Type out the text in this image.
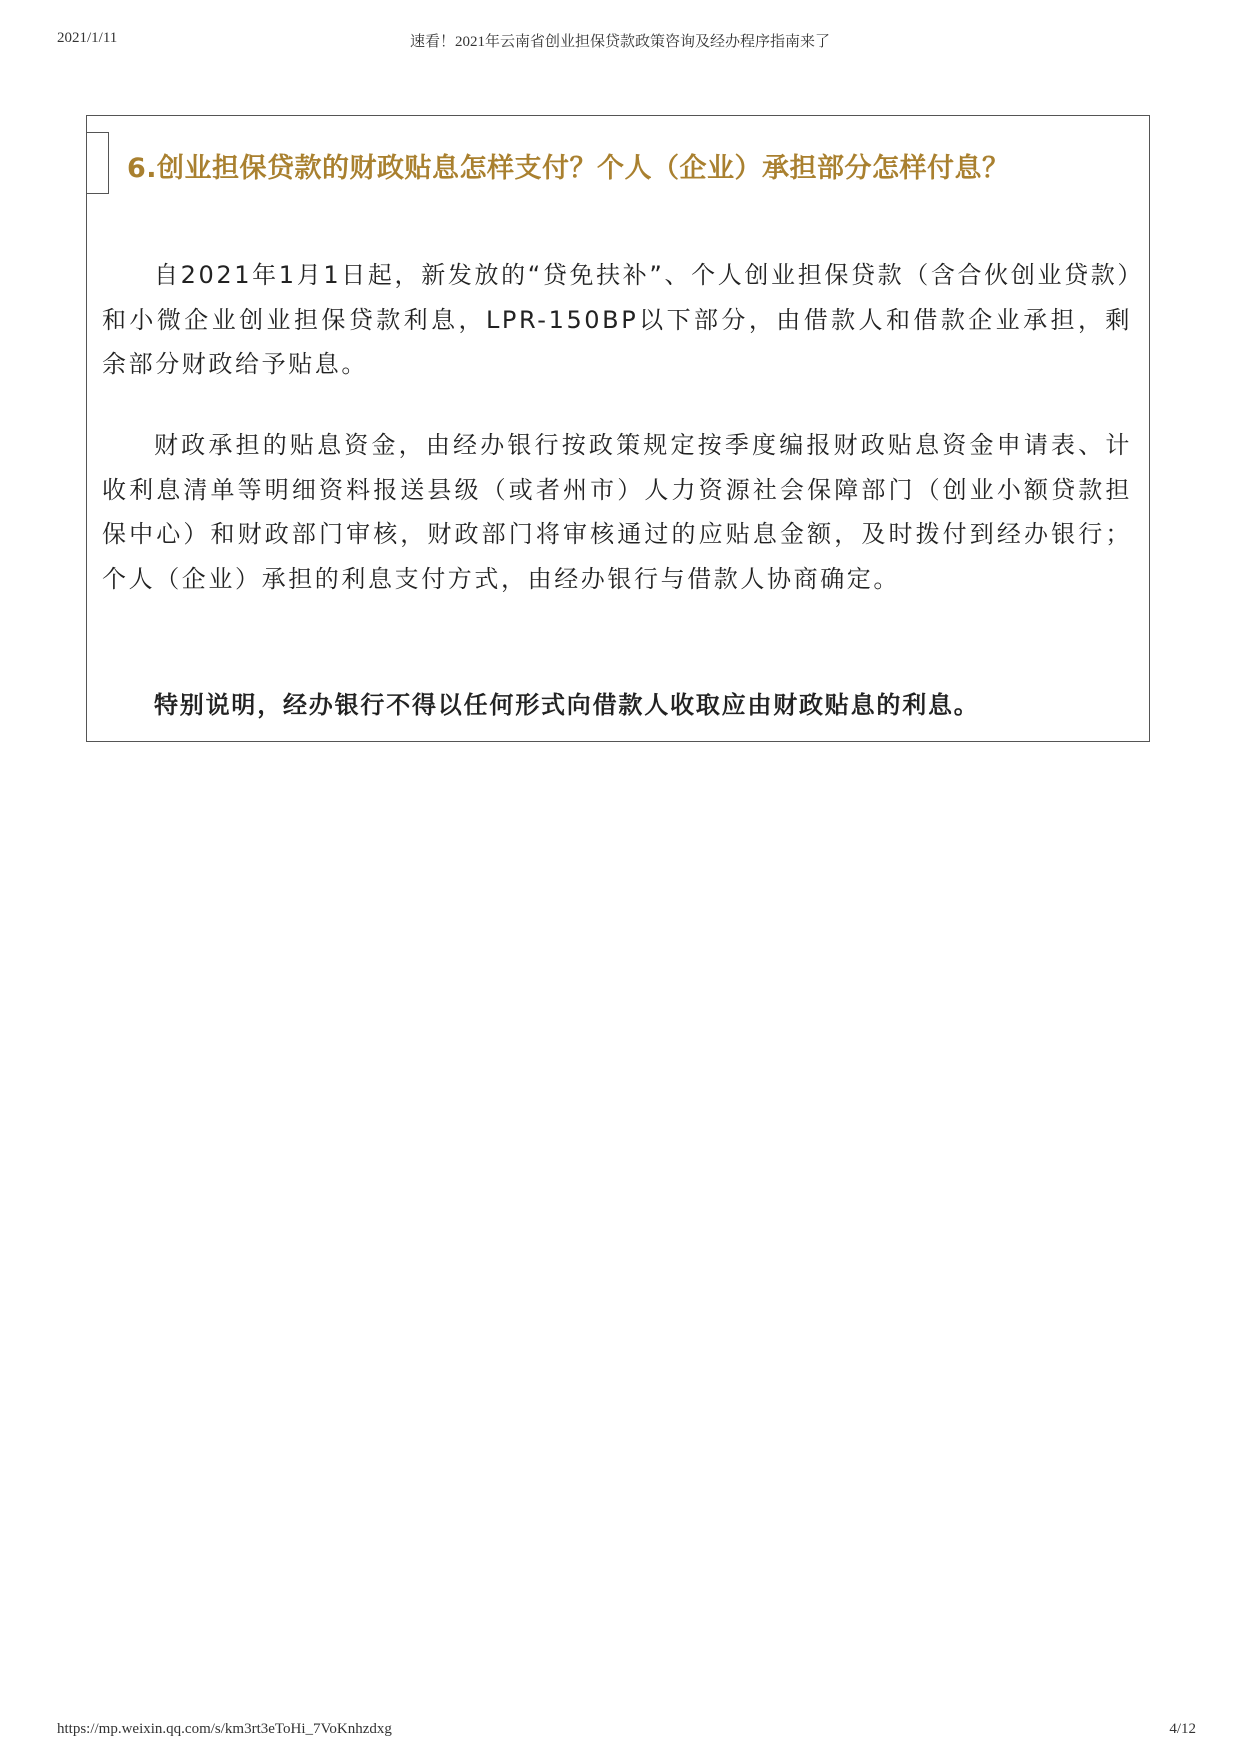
2021/1/11	速看！2021年云南省创业担保贷款政策咨询及经办程序指南来了
6.创业担保贷款的财政贴息怎样支付？个人（企业）承担部分怎样付息？

自2021年1月1日起，新发放的“贷免扶补”、个人创业担保贷款（含合伙创业贷款）和小微企业创业担保贷款利息，LPR-150BP以下部分，由借款人和借款企业承担，剩余部分财政给予贴息。

财政承担的贴息资金，由经办银行按政策规定按季度编报财政贴息资金申请表、计收利息清单等明细资料报送县级（或者州市）人力资源社会保障部门（创业小额贷款担保中心）和财政部门审核，财政部门将审核通过的应贴息金额，及时拨付到经办银行；个人（企业）承担的利息支付方式，由经办银行与借款人协商确定。

特别说明，经办银行不得以任何形式向借款人收取应由财政贴息的利息。

https://mp.weixin.qq.com/s/km3rt3eToHi_7VoKnhzdxg	4/12
